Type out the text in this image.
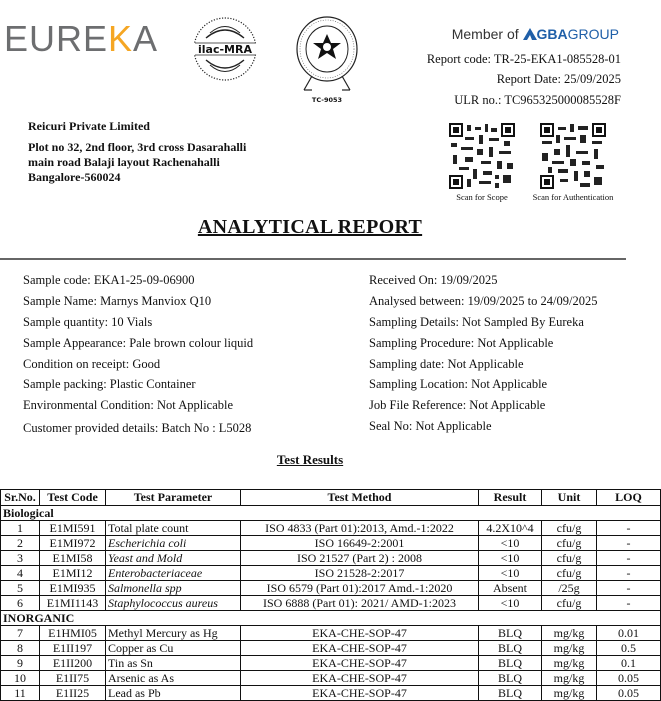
EUREKA	ilac-MRA
TC-9053
Member of GBAGROUP
Report code: TR-25-EKA1-085528-01
Report Date: 25/09/2025
ULR no.: TC965325000085528F
Reicuri Private Limited
Plot no 32, 2nd floor, 3rd cross Dasarahalli
main road Balaji layout Rachenahalli
Bangalore-560024
Scan for Scope	Scan for Authentication
ANALYTICAL REPORT
Sample code: EKA1-25-09-06900
Sample Name: Marnys Manviox Q10
Sample quantity: 10 Vials
Sample Appearance: Pale brown colour liquid
Condition on receipt: Good
Sample packing: Plastic Container
Environmental Condition: Not Applicable
Customer provided details: Batch No : L5028
Received On: 19/09/2025
Analysed between: 19/09/2025 to 24/09/2025
Sampling Details: Not Sampled By Eureka
Sampling Procedure: Not Applicable
Sampling date: Not Applicable
Sampling Location: Not Applicable
Job File Reference: Not Applicable
Seal No: Not Applicable
Test Results
Sr.No.	Test Code	Test Parameter	Test Method	Result	Unit	LOQ
Biological						
1	E1MI591	Total plate count	ISO 4833 (Part 01):2013, Amd.-1:2022	4.2X10^4	cfu/g	-
2	E1MI972	Escherichia coli	ISO 16649-2:2001	<10	cfu/g	-
3	E1MI58	Yeast and Mold	ISO 21527 (Part 2) : 2008	<10	cfu/g	-
4	E1MI12	Enterobacteriaceae	ISO 21528-2:2017	<10	cfu/g	-
5	E1MI935	Salmonella spp	ISO 6579 (Part 01):2017 Amd.-1:2020	Absent	/25g	-
6	E1MI1143	Staphylococcus aureus	ISO 6888 (Part 01): 2021/ AMD-1:2023	<10	cfu/g	-
INORGANIC						
7	E1HMI05	Methyl Mercury as Hg	EKA-CHE-SOP-47	BLQ	mg/kg	0.01
8	E1II197	Copper as Cu	EKA-CHE-SOP-47	BLQ	mg/kg	0.5
9	E1II200	Tin as Sn	EKA-CHE-SOP-47	BLQ	mg/kg	0.1
10	E1II75	Arsenic as As	EKA-CHE-SOP-47	BLQ	mg/kg	0.05
11	E1II25	Lead as Pb	EKA-CHE-SOP-47	BLQ	mg/kg	0.05
